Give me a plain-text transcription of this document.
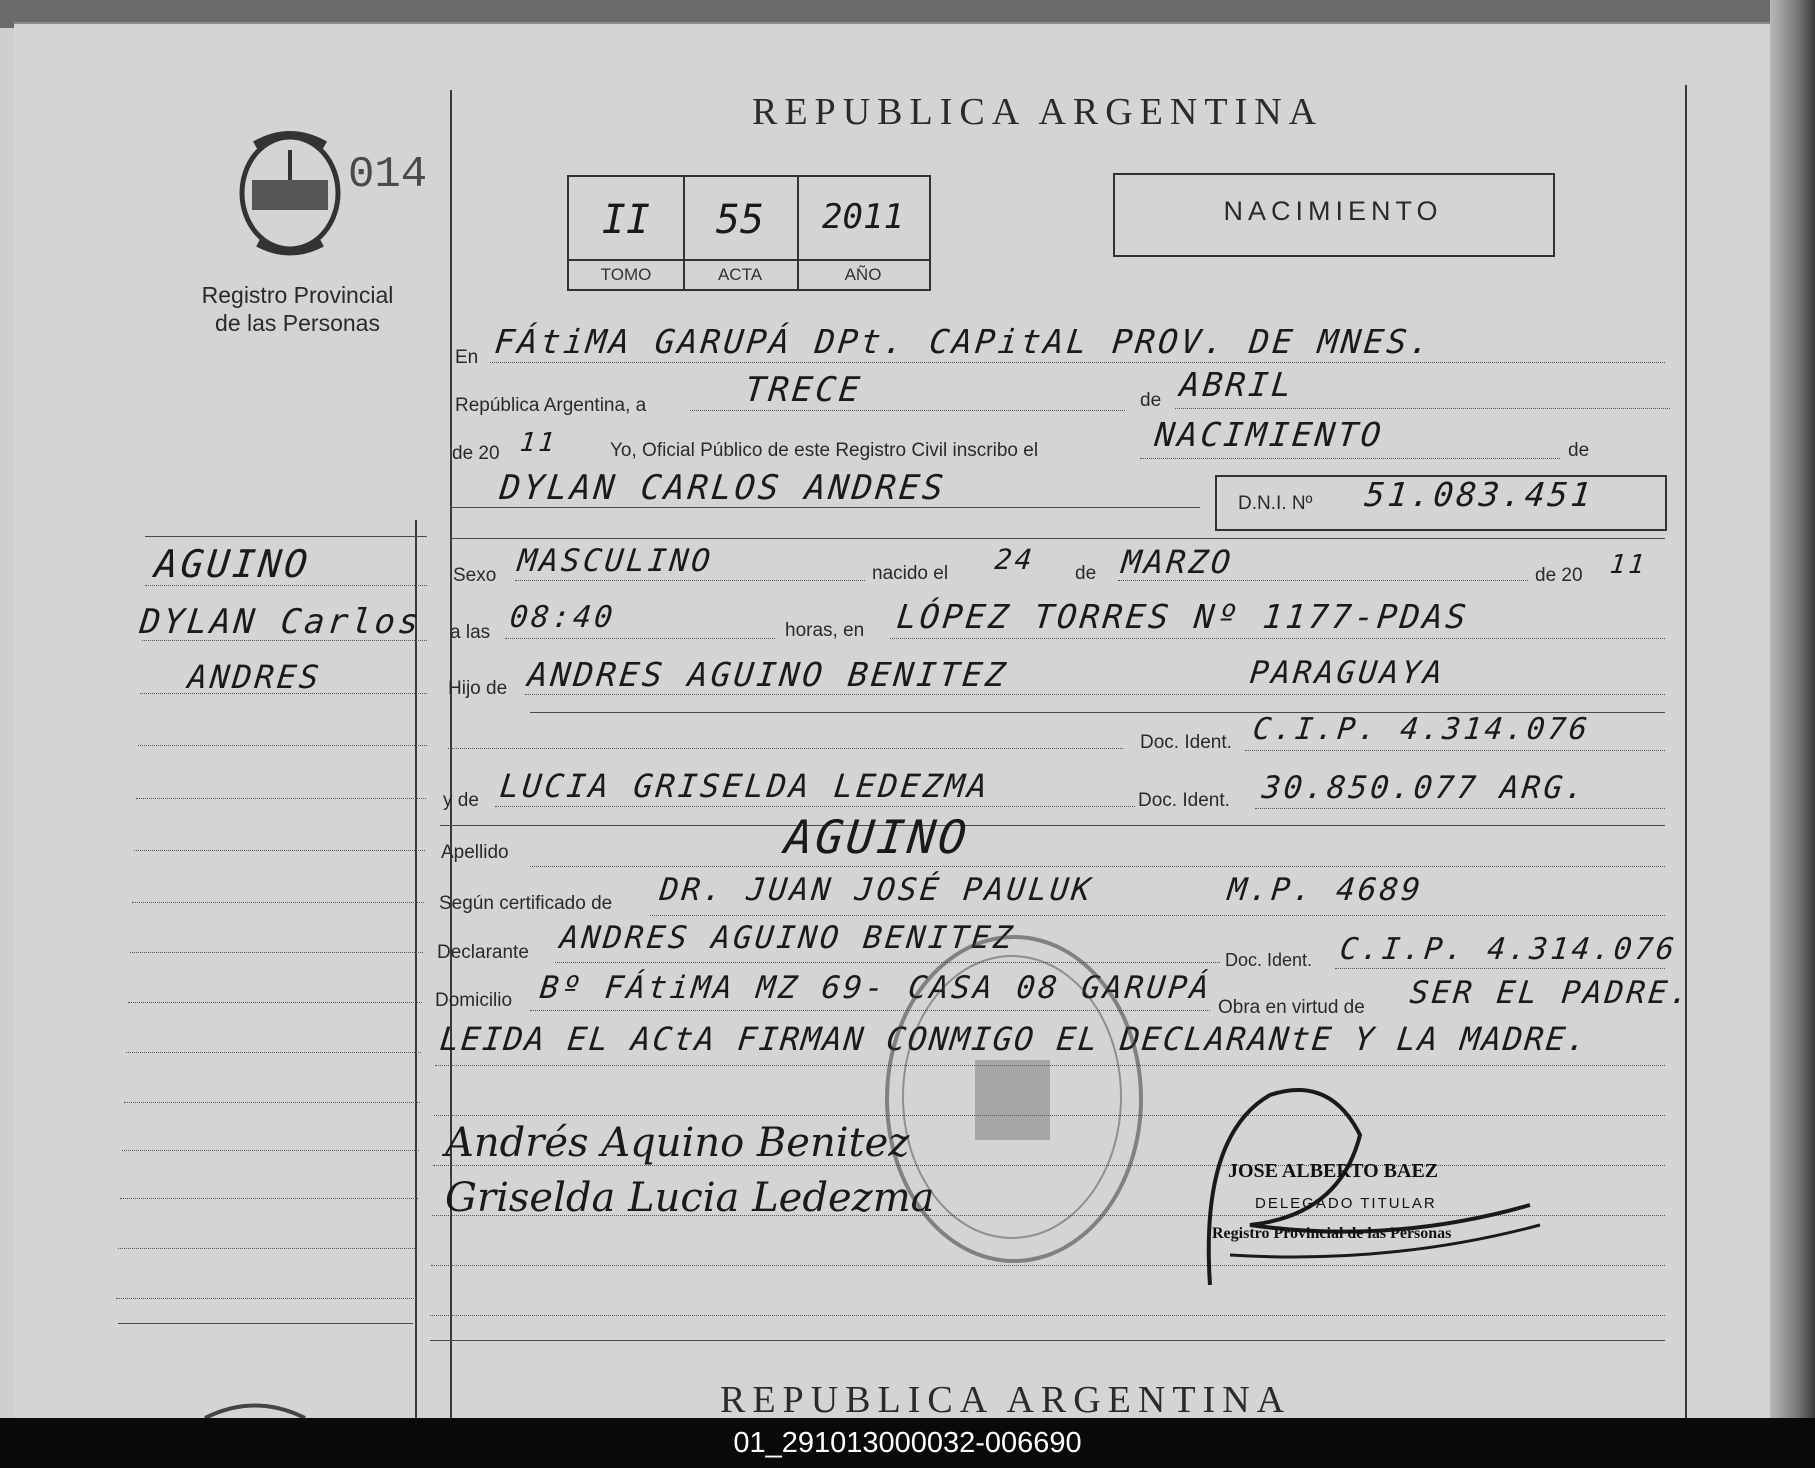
014
Registro Provincial
de las Personas
REPUBLICA ARGENTINA
II	55	2011
TOMO	ACTA	AÑO
NACIMIENTO
AGUINO
DYLAN Carlos
ANDRES
En FÁtiMA GARUPÁ DPt. CAPitAL PROV. DE MNES.
República Argentina, a	TRECE	de ABRIL
de 20 11	Yo, Oficial Público de este Registro Civil inscribo el	NACIMIENTO	de
DYLAN CARLOS ANDRES	D.N.I. Nº 51.083.451
Sexo MASCULINO	nacido el 24 de MARZO	de 20 11
a las 08:40	horas, en LÓPEZ TORRES Nº 1177-PDAS
Hijo de ANDRES AGUINO BENITEZ	PARAGUAYA
Doc. Ident. C.I.P. 4.314.076
y de LUCIA GRISELDA LEDEZMA	Doc. Ident. 30.850.077 ARG.
Apellido	AGUINO
Según certificado de DR. JUAN JOSÉ PAULUK	M.P. 4689
Declarante ANDRES AGUINO BENITEZ
Doc. Ident. C.I.P. 4.314.076
Domicilio Bº FÁtiMA MZ 69- CASA 08 GARUPÁ
Obra en virtud de SER EL PADRE.
LEIDA EL ACtA FIRMAN CONMIGO EL DECLARANtE Y LA MADRE.
Andrés Aquino Benitez
Griselda Lucia Ledezma
JOSE ALBERTO BAEZ
DELEGADO TITULAR
Registro Provincial de las Personas
REPUBLICA ARGENTINA
01_291013000032-006690
